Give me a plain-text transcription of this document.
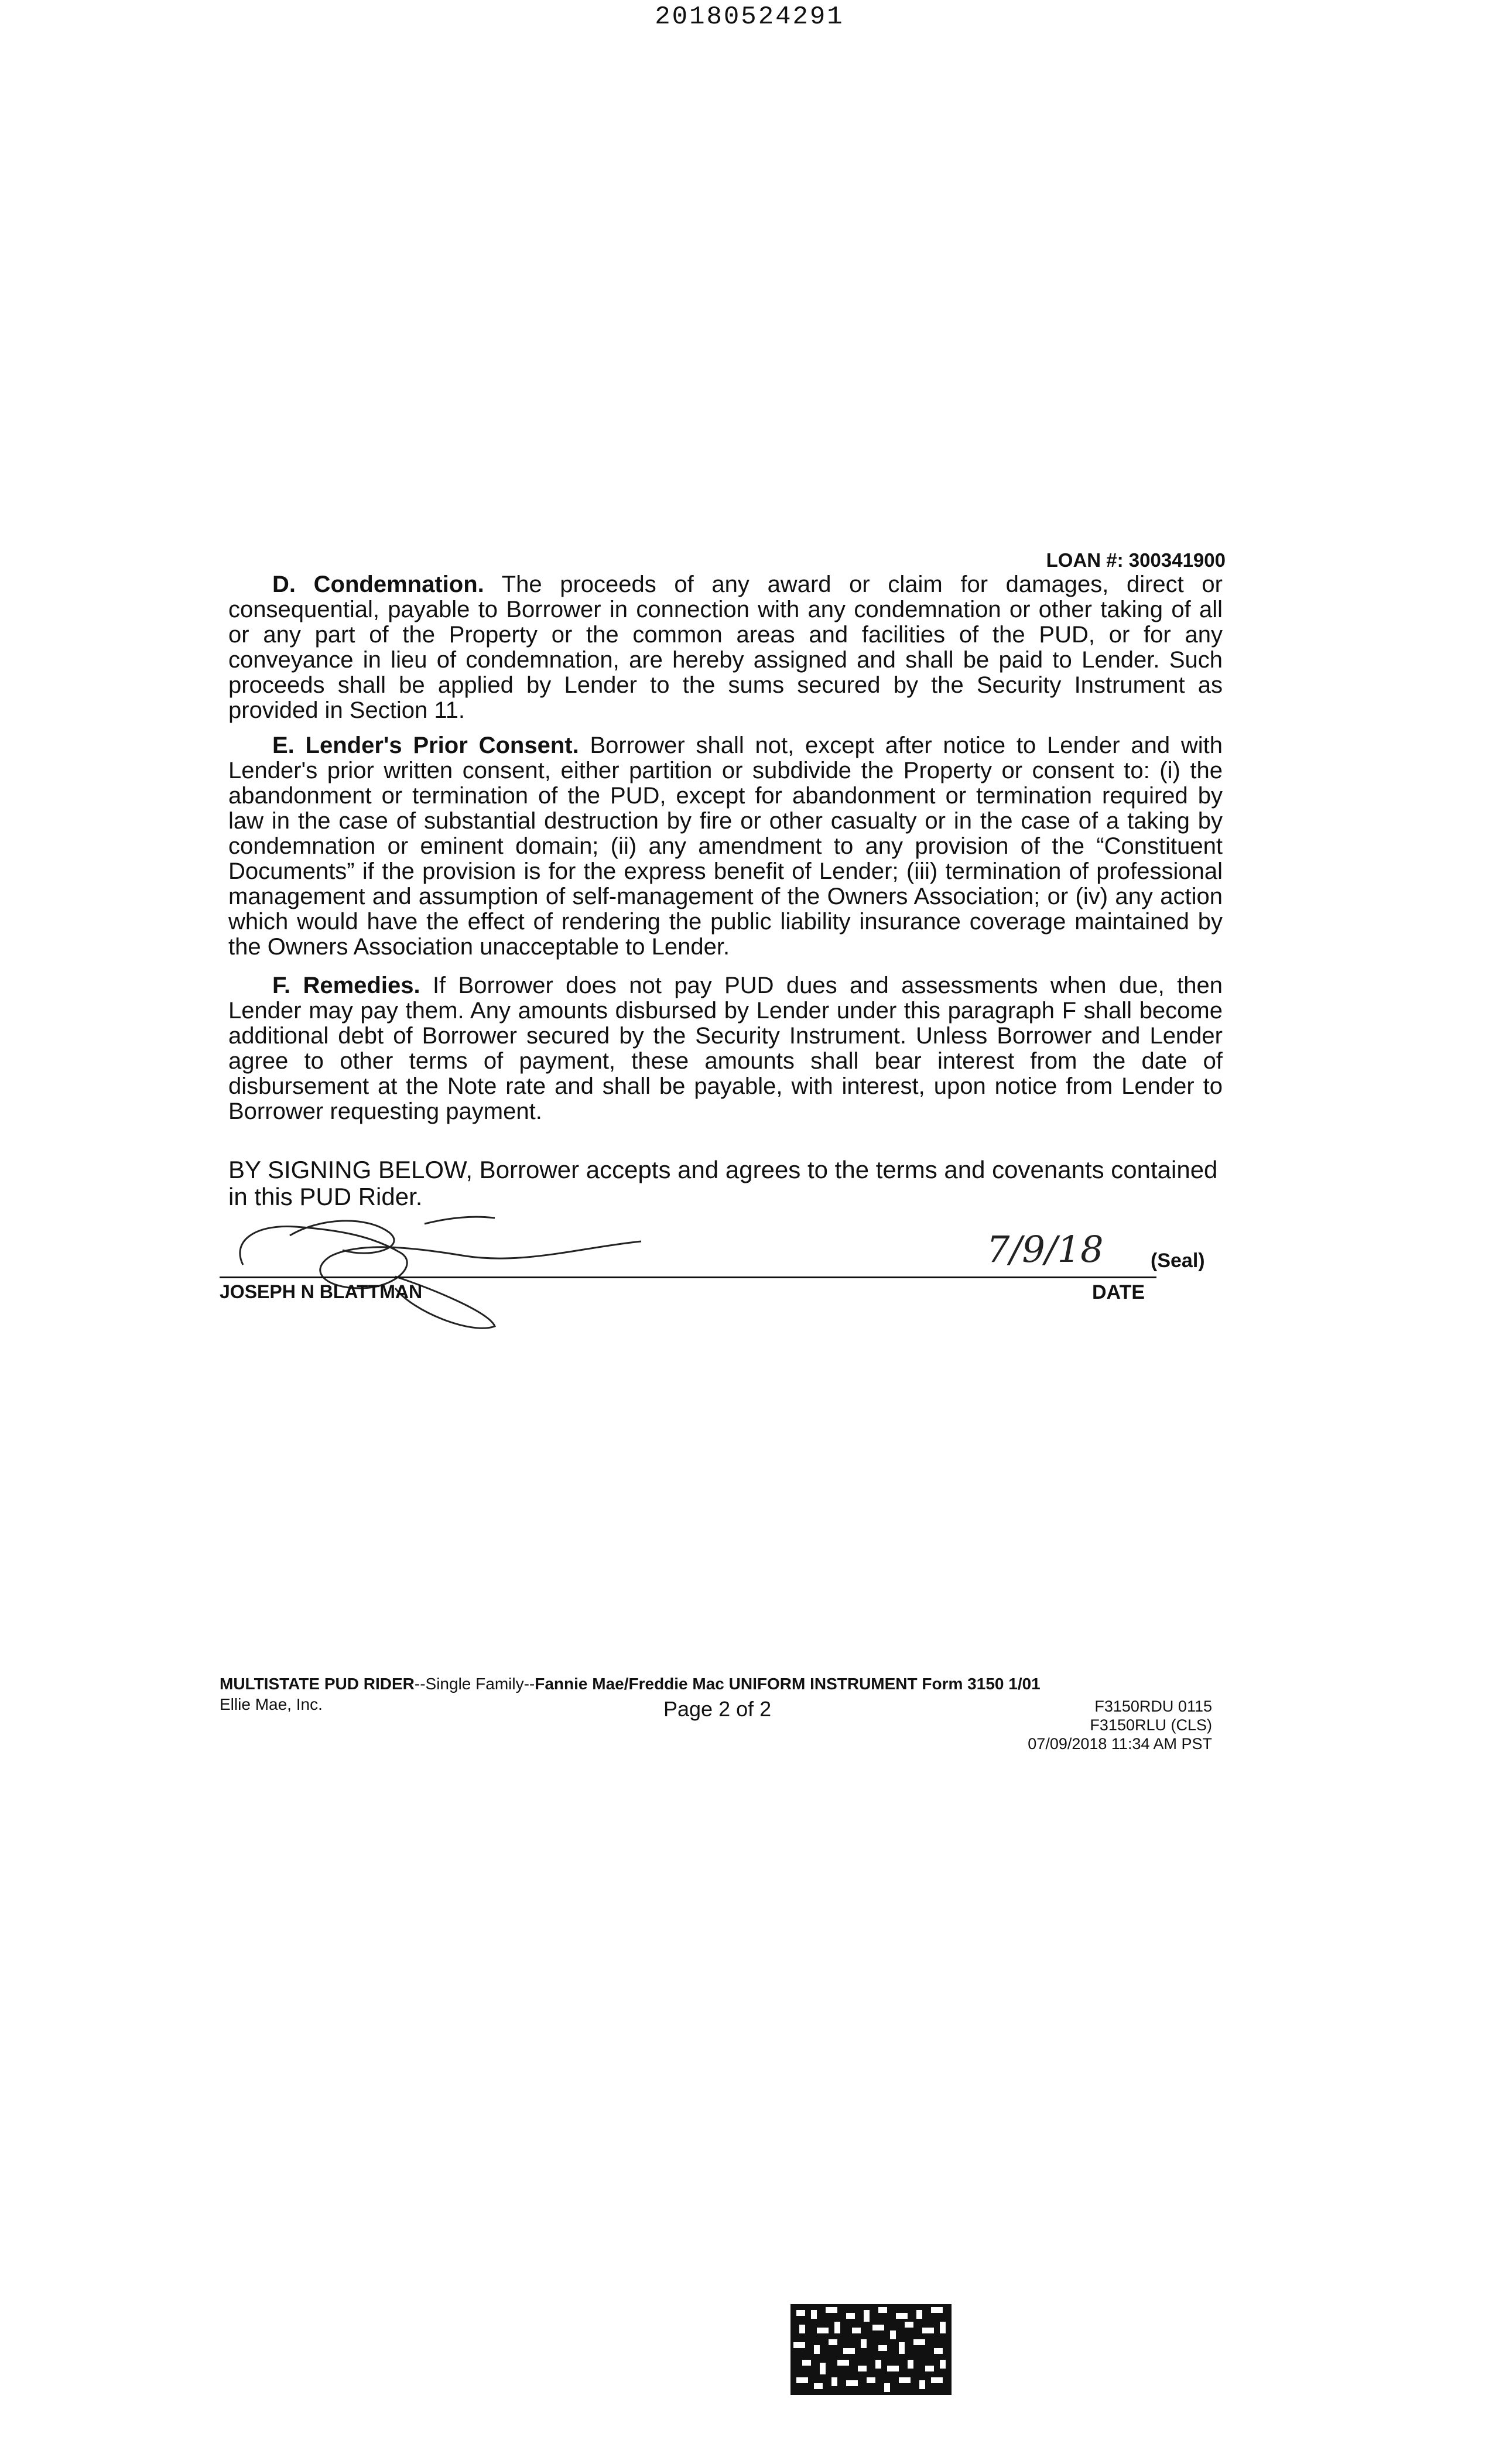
20180524291
LOAN #: 300341900

D. Condemnation. The proceeds of any award or claim for damages, direct or consequential, payable to Borrower in connection with any condemnation or other taking of all or any part of the Property or the common areas and facilities of the PUD, or for any conveyance in lieu of condemnation, are hereby assigned and shall be paid to Lender. Such proceeds shall be applied by Lender to the sums secured by the Security Instrument as provided in Section 11.

E. Lender's Prior Consent. Borrower shall not, except after notice to Lender and with Lender's prior written consent, either partition or subdivide the Property or consent to: (i) the abandonment or termination of the PUD, except for abandonment or termination required by law in the case of substantial destruction by fire or other casualty or in the case of a taking by condemnation or eminent domain; (ii) any amendment to any provision of the “Constituent Documents” if the provision is for the express benefit of Lender; (iii) termination of professional management and assumption of self-management of the Owners Association; or (iv) any action which would have the effect of rendering the public liability insurance coverage maintained by the Owners Association unacceptable to Lender.

F. Remedies. If Borrower does not pay PUD dues and assessments when due, then Lender may pay them. Any amounts disbursed by Lender under this paragraph F shall become additional debt of Borrower secured by the Security Instrument. Unless Borrower and Lender agree to other terms of payment, these amounts shall bear interest from the date of disbursement at the Note rate and shall be payable, with interest, upon notice from Lender to Borrower requesting payment.

BY SIGNING BELOW, Borrower accepts and agrees to the terms and covenants contained in this PUD Rider.
7/9/18
JOSEPH N BLATTMAN
(Seal)
DATE
MULTISTATE PUD RIDER--Single Family--Fannie Mae/Freddie Mac UNIFORM INSTRUMENT Form 3150 1/01
Ellie Mae, Inc.	Page 2 of 2	F3150RDU 0115
F3150RLU (CLS)
07/09/2018 11:34 AM PST
